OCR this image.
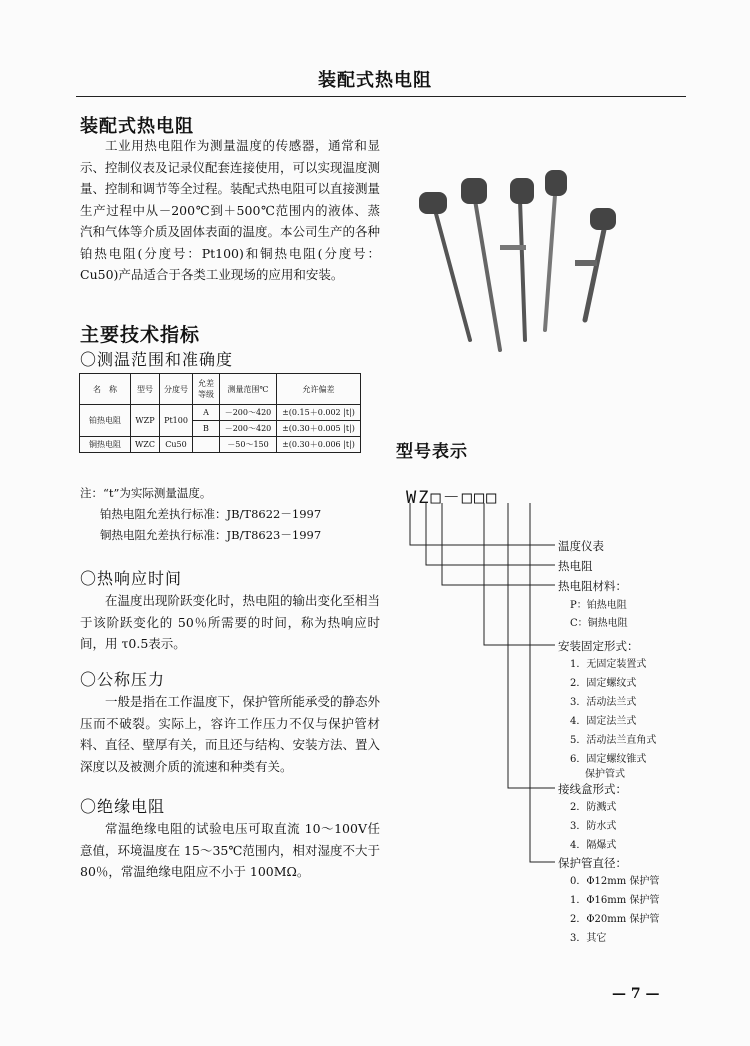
装配式热电阻
装配式热电阻
工业用热电阻作为测量温度的传感器，通常和显示、控制仪表及记录仪配套连接使用，可以实现温度测量、控制和调节等全过程。装配式热电阻可以直接测量生产过程中从－200℃到＋500℃范围内的液体、蒸汽和气体等介质及固体表面的温度。本公司生产的各种铂热电阻(分度号：Pt100)和铜热电阻(分度号：Cu50)产品适合于各类工业现场的应用和安装。
主要技术指标
〇测温范围和准确度
名　称	型号	分度号	允差等级	测量范围℃	允许偏差
铂热电阻	WZP	Pt100	A	－200～420	±(0.15＋0.002 |t|)
			B	－200～420	±(0.30＋0.005 |t|)
铜热电阻	WZC	Cu50		－50～150	±(0.30＋0.006 |t|)
注：“t”为实际测量温度。
铂热电阻允差执行标准：JB/T8622－1997
铜热电阻允差执行标准：JB/T8623－1997
〇热响应时间
在温度出现阶跃变化时，热电阻的输出变化至相当于该阶跃变化的 50％所需要的时间，称为热响应时间，用 τ0.5表示。
〇公称压力
一般是指在工作温度下，保护管所能承受的静态外压而不破裂。实际上，容许工作压力不仅与保护管材料、直径、壁厚有关，而且还与结构、安装方法、置入深度以及被测介质的流速和种类有关。
〇绝缘电阻
常温绝缘电阻的试验电压可取直流 10～100V任意值，环境温度在 15～35℃范围内，相对湿度不大于 80％，常温绝缘电阻应不小于 100MΩ。
型号表示
WZ□－□□□
温度仪表
热电阻
热电阻材料：
P：铂热电阻
C：铜热电阻
安装固定形式：
1．无固定装置式
2．固定螺纹式
3．活动法兰式
4．固定法兰式
5．活动法兰直角式
6．固定螺纹锥式
保护管式
接线盒形式：
2．防溅式
3．防水式
4．隔爆式
保护管直径：
0．Φ12mm 保护管
1．Φ16mm 保护管
2．Φ20mm 保护管
3．其它
— 7 —
